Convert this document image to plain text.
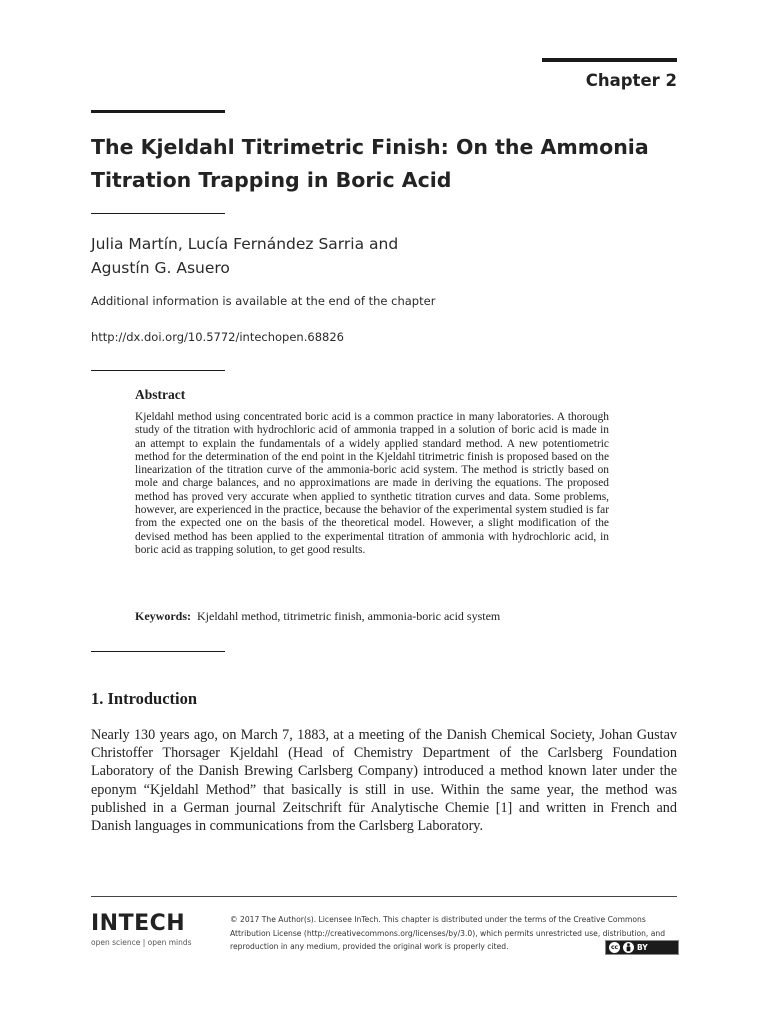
Chapter 2
The Kjeldahl Titrimetric Finish: On the Ammonia Titration Trapping in Boric Acid
Julia Martín, Lucía Fernández Sarria and
Agustín G. Asuero
Additional information is available at the end of the chapter
http://dx.doi.org/10.5772/intechopen.68826
Abstract

Kjeldahl method using concentrated boric acid is a common practice in many laboratories. A thorough study of the titration with hydrochloric acid of ammonia trapped in a solution of boric acid is made in an attempt to explain the fundamentals of a widely applied standard method. A new potentiometric method for the determination of the end point in the Kjeldahl titrimetric finish is proposed based on the linearization of the titration curve of the ammonia-boric acid system. The method is strictly based on mole and charge balances, and no approximations are made in deriving the equations. The proposed method has proved very accurate when applied to synthetic titration curves and data. Some problems, however, are experienced in the practice, because the behavior of the experimental system studied is far from the expected one on the basis of the theoretical model. However, a slight modification of the devised method has been applied to the experimental titration of ammonia with hydrochloric acid, in boric acid as trapping solution, to get good results.

Keywords: Kjeldahl method, titrimetric finish, ammonia-boric acid system
1. Introduction

Nearly 130 years ago, on March 7, 1883, at a meeting of the Danish Chemical Society, Johan Gustav Christoffer Thorsager Kjeldahl (Head of Chemistry Department of the Carlsberg Foundation Laboratory of the Danish Brewing Carlsberg Company) introduced a method known later under the eponym “Kjeldahl Method” that basically is still in use. Within the same year, the method was published in a German journal Zeitschrift für Analytische Chemie [1] and written in French and Danish languages in communications from the Carlsberg Laboratory.

INTECH
open science | open minds
© 2017 The Author(s). Licensee InTech. This chapter is distributed under the terms of the Creative Commons Attribution License (http://creativecommons.org/licenses/by/3.0), which permits unrestricted use, distribution, and reproduction in any medium, provided the original work is properly cited.	cc	BY
